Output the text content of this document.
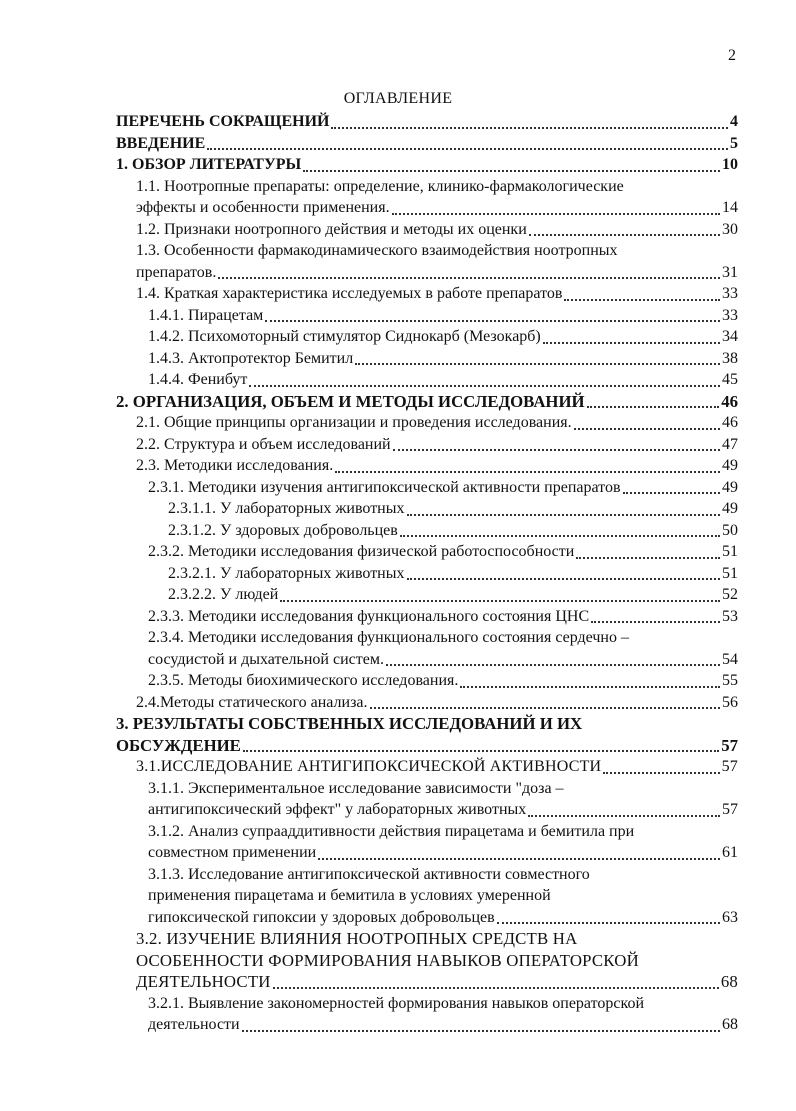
2
ОГЛАВЛЕНИЕ
ПЕРЕЧЕНЬ СОКРАЩЕНИЙ	4
ВВЕДЕНИЕ	5
1. ОБЗОР ЛИТЕРАТУРЫ	10
1.1. Ноотропные препараты: определение, клинико-фармакологические
эффекты и особенности применения.	14
1.2. Признаки ноотропного действия и методы их оценки	30
1.3. Особенности фармакодинамического взаимодействия ноотропных
препаратов.	31
1.4. Краткая характеристика исследуемых в работе препаратов	33
1.4.1. Пирацетам	33
1.4.2. Психомоторный стимулятор Сиднокарб (Мезокарб)	34
1.4.3. Актопротектор Бемитил	38
1.4.4. Фенибут	45
2. ОРГАНИЗАЦИЯ, ОБЪЕМ И МЕТОДЫ ИССЛЕДОВАНИЙ	46
2.1. Общие принципы организации и проведения исследования.	46
2.2. Структура и объем исследований	47
2.3. Методики исследования.	49
2.3.1. Методики изучения антигипоксической активности препаратов	49
2.3.1.1. У лабораторных животных	49
2.3.1.2. У здоровых добровольцев	50
2.3.2. Методики исследования физической работоспособности	51
2.3.2.1. У лабораторных животных	51
2.3.2.2. У людей	52
2.3.3. Методики исследования функционального состояния ЦНС	53
2.3.4. Методики исследования функционального состояния сердечно –
сосудистой и дыхательной систем.	54
2.3.5. Методы биохимического исследования.	55
2.4.Методы статического анализа.	56
3. РЕЗУЛЬТАТЫ СОБСТВЕННЫХ ИССЛЕДОВАНИЙ И ИХ
ОБСУЖДЕНИЕ	57
3.1.ИССЛЕДОВАНИЕ АНТИГИПОКСИЧЕСКОЙ АКТИВНОСТИ	57
3.1.1. Экспериментальное исследование зависимости "доза –
антигипоксический эффект" у лабораторных животных	57
3.1.2. Анализ супрааддитивности действия пирацетама и бемитила при
совместном применении	61
3.1.3. Исследование антигипоксической активности совместного
применения пирацетама и бемитила в условиях умеренной
гипоксической гипоксии у здоровых добровольцев	63
3.2. ИЗУЧЕНИЕ ВЛИЯНИЯ НООТРОПНЫХ СРЕДСТВ НА
ОСОБЕННОСТИ ФОРМИРОВАНИЯ НАВЫКОВ ОПЕРАТОРСКОЙ
ДЕЯТЕЛЬНОСТИ	68
3.2.1. Выявление закономерностей формирования навыков операторской
деятельности	68
